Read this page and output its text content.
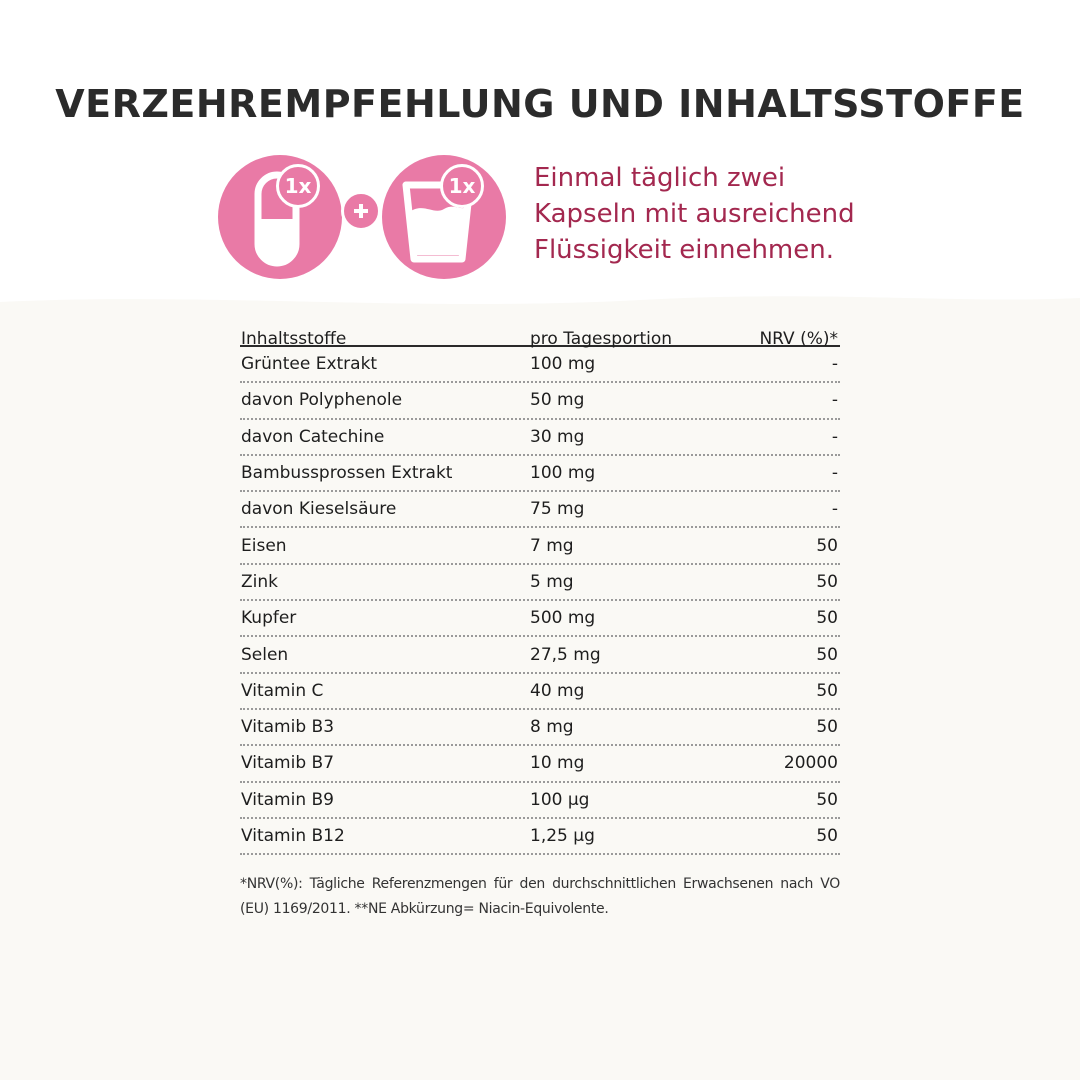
VERZEHREMPFEHLUNG UND INHALTSSTOFFE
1x	1x	Einmal täglich zwei
Kapseln mit ausreichend
Flüssigkeit einnehmen.
Inhaltsstoffe	pro Tagesportion	NRV (%)*
Grüntee Extrakt	100 mg	-
davon Polyphenole	50 mg	-
davon Catechine	30 mg	-
Bambussprossen Extrakt	100 mg	-
davon Kieselsäure	75 mg	-
Eisen	7 mg	50
Zink	5 mg	50
Kupfer	500 mg	50
Selen	27,5 mg	50
Vitamin C	40 mg	50
Vitamib B3	8 mg	50
Vitamib B7	10 mg	20000
Vitamin B9	100 µg	50
Vitamin B12	1,25 µg	50
*NRV(%): Tägliche Referenzmengen für den durchschnittlichen Erwachsenen nach VO (EU) 1169/2011. **NE Abkürzung= Niacin-Equivolente.
